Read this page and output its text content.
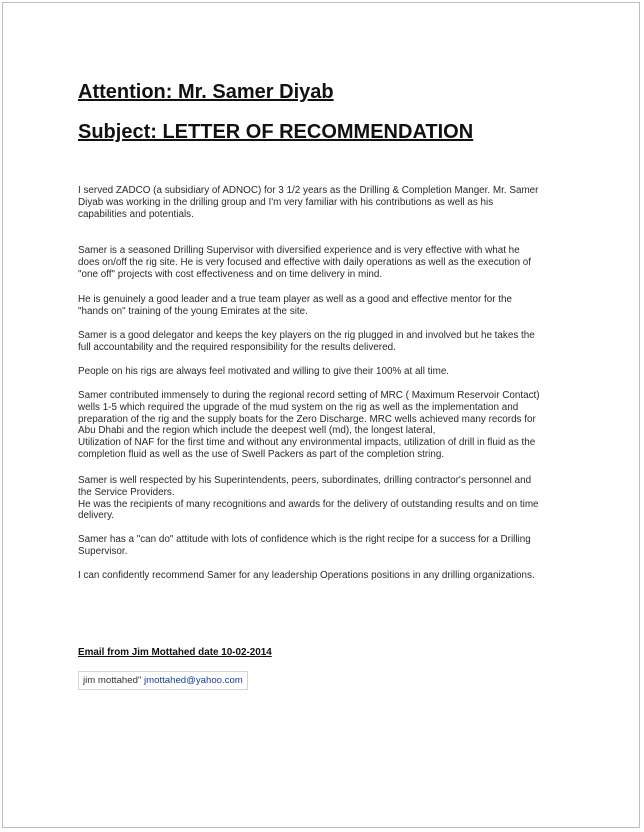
Attention: Mr. Samer Diyab
Subject: LETTER OF RECOMMENDATION
I served ZADCO (a subsidiary of ADNOC) for 3 1/2 years as the Drilling & Completion Manger. Mr. Samer
Diyab was working in the drilling group and I'm very familiar with his contributions as well as his
capabilities and potentials.
Samer is a seasoned Drilling Supervisor with diversified experience and is very effective with what he
does on/off the rig site. He is very focused and effective with daily operations as well as the execution of
"one off" projects with cost effectiveness and on time delivery in mind.
He is genuinely a good leader and a true team player as well as a good and effective mentor for the
"hands on" training of the young Emirates at the site.
Samer is a good delegator and keeps the key players on the rig plugged in and involved but he takes the
full accountability and the required responsibility for the results delivered.
People on his rigs are always feel motivated and willing to give their 100% at all time.
Samer contributed immensely to during the regional record setting of MRC ( Maximum Reservoir Contact)
wells 1-5 which required the upgrade of the mud system on the rig as well as the implementation and
preparation of the rig and the supply boats for the Zero Discharge. MRC wells achieved many records for
Abu Dhabi and the region which include the deepest well (md), the longest lateral,
Utilization of NAF for the first time and without any environmental impacts, utilization of drill in fluid as the
completion fluid as well as the use of Swell Packers as part of the completion string.
Samer is well respected by his Superintendents, peers, subordinates, drilling contractor's personnel and
the Service Providers.
He was the recipients of many recognitions and awards for the delivery of outstanding results and on time
delivery.
Samer has a "can do" attitude with lots of confidence which is the right recipe for a success for a Drilling
Supervisor.
I can confidently recommend Samer for any leadership Operations positions in any drilling organizations.
Email from Jim Mottahed date 10-02-2014
jim mottahed" jmottahed@yahoo.com
